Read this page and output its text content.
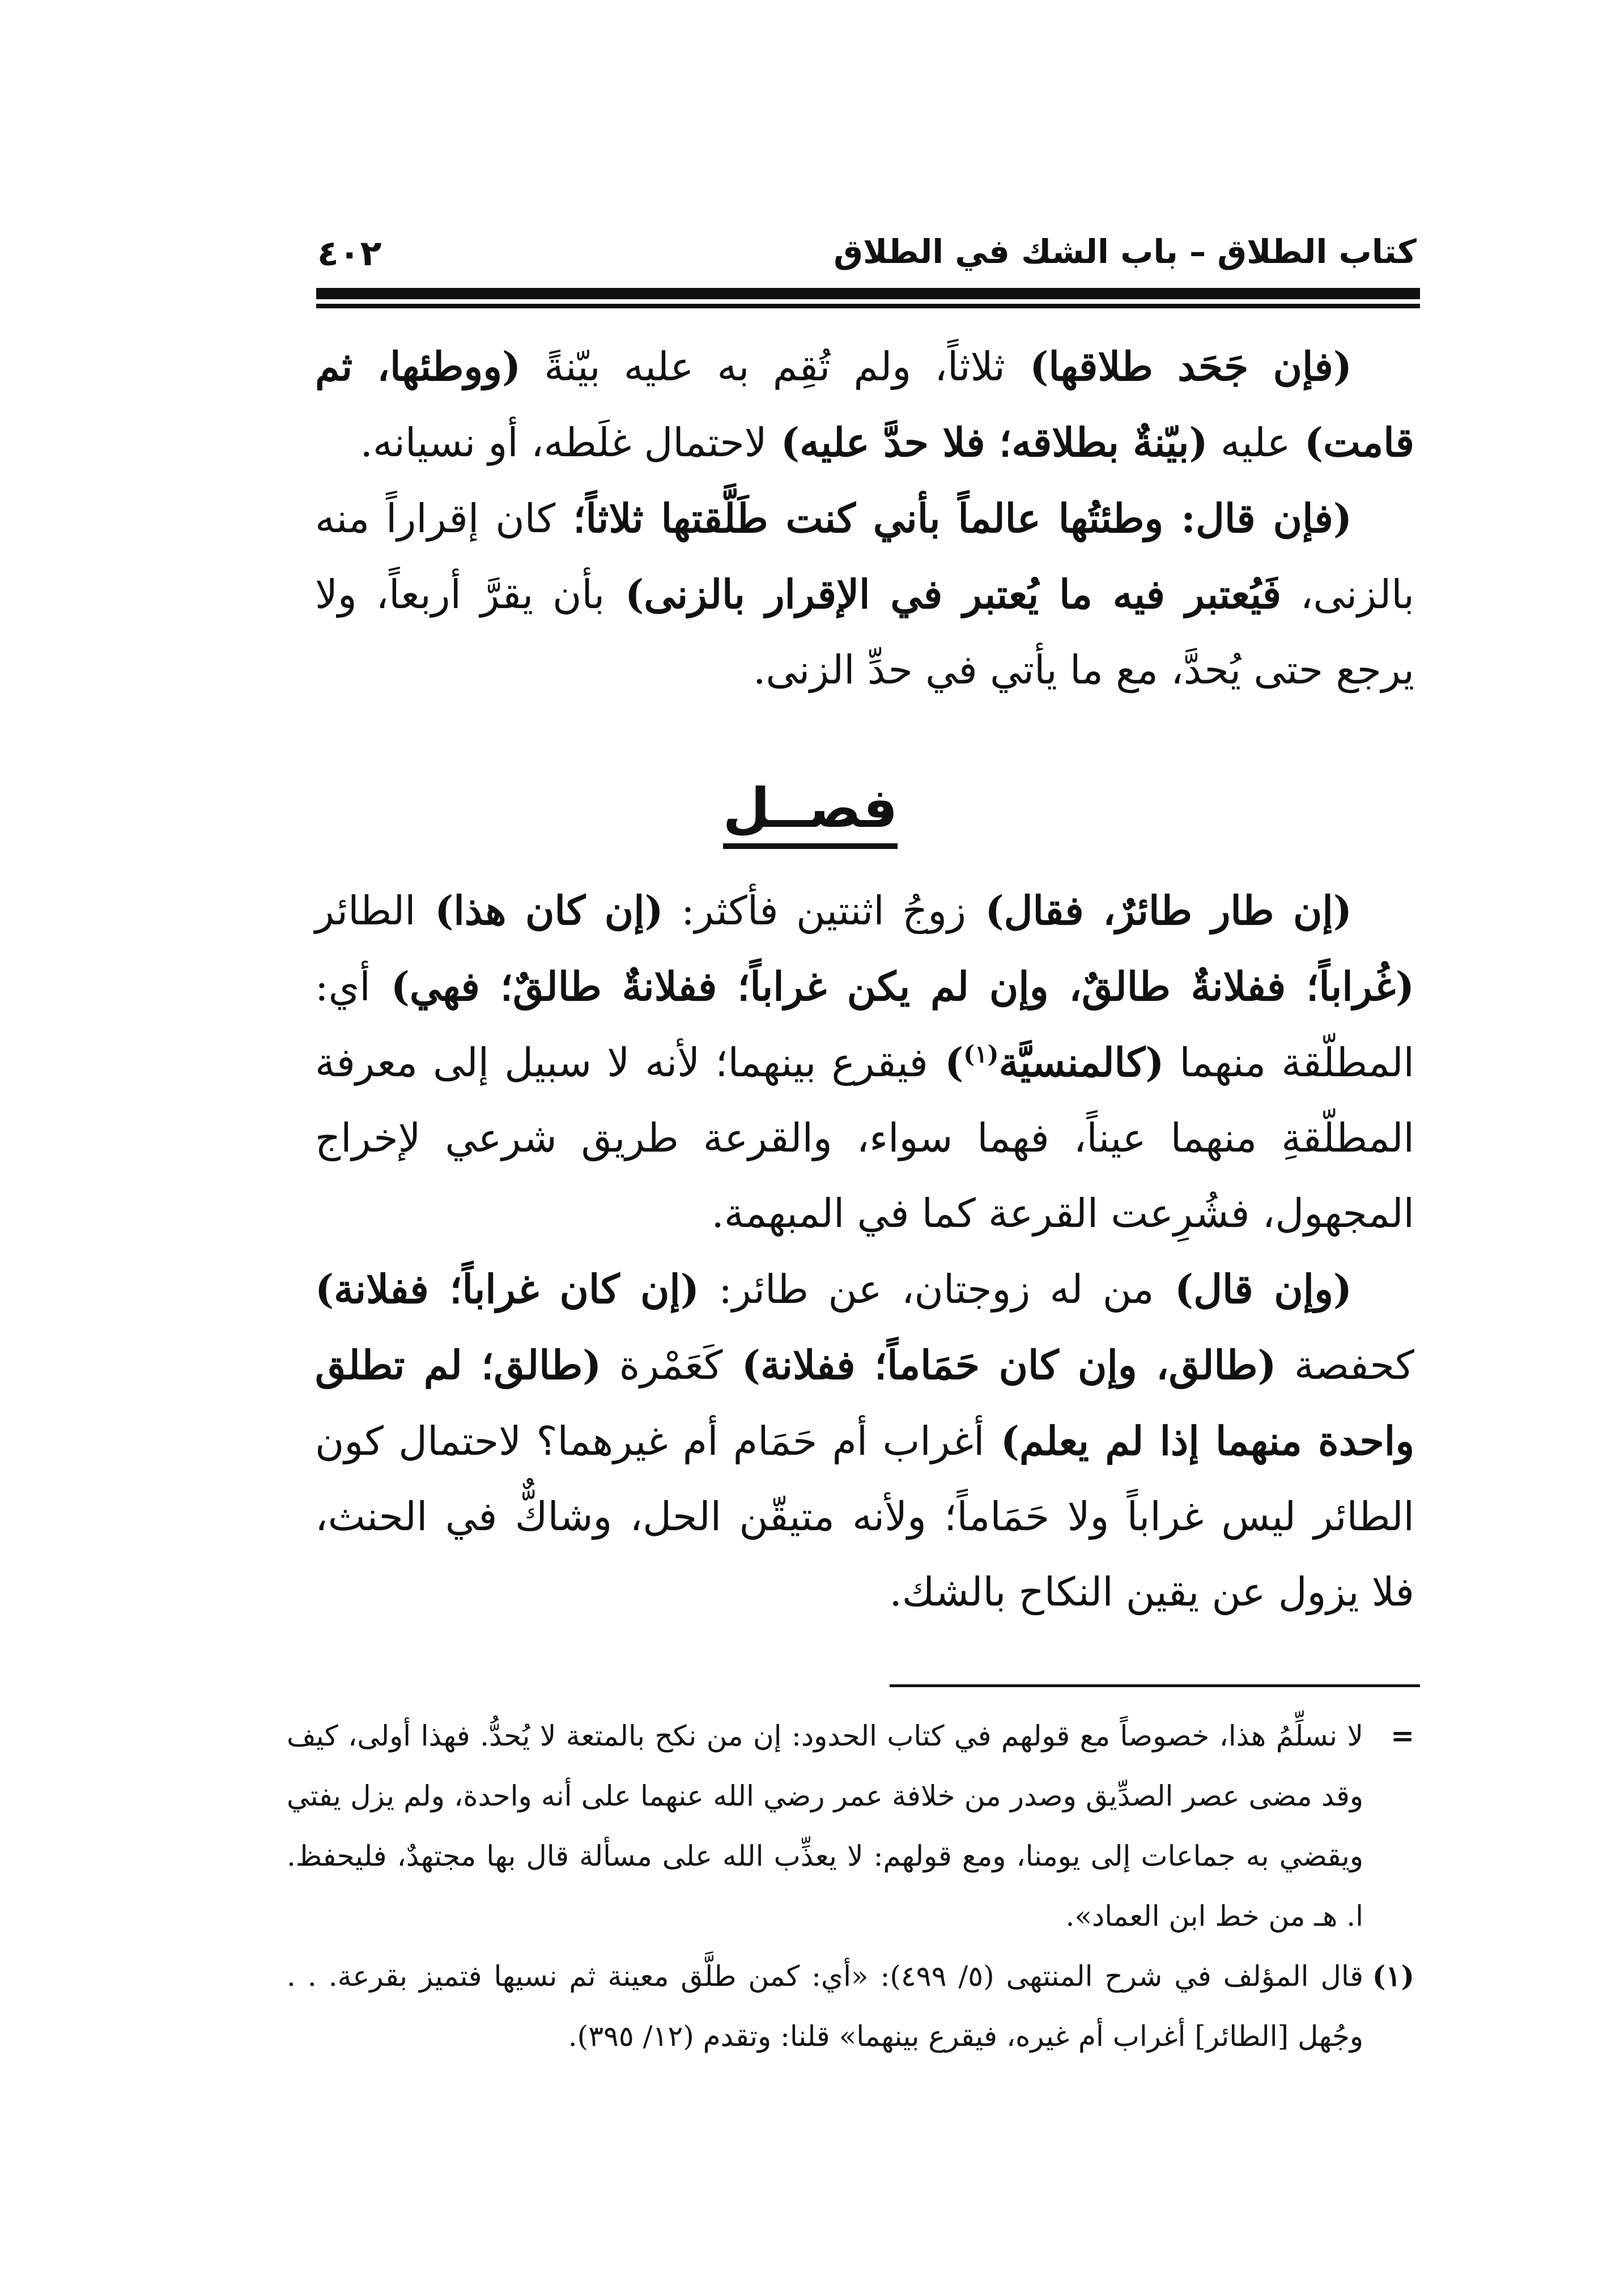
كتاب الطلاق – باب الشك في الطلاق
٤٠٢

(فإن جَحَد طلاقها) ثلاثاً، ولم تُقِم به عليه بيّنةً (ووطئها، ثم قامت) عليه (بيّنةٌ بطلاقه؛ فلا حدَّ عليه) لاحتمال غلَطه، أو نسيانه.

(فإن قال: وطئتُها عالماً بأني كنت طَلَّقتها ثلاثاً؛ كان إقراراً منه بالزنى، فَيُعتبر فيه ما يُعتبر في الإقرار بالزنى) بأن يقرَّ أربعاً، ولا يرجع حتى يُحدَّ، مع ما يأتي في حدِّ الزنى.

فصــل

(إن طار طائرٌ، فقال) زوجُ اثنتين فأكثر: (إن كان هذا) الطائر (غُراباً؛ ففلانةٌ طالقٌ، وإن لم يكن غراباً؛ ففلانةٌ طالقٌ؛ فهي) أي: المطلّقة منهما (كالمنسيَّة$^{(١)}$) فيقرع بينهما؛ لأنه لا سبيل إلى معرفة المطلّقةِ منهما عيناً، فهما سواء، والقرعة طريق شرعي لإخراج المجهول، فشُرِعت القرعة كما في المبهمة.

(وإن قال) من له زوجتان، عن طائر: (إن كان غراباً؛ ففلانة) كحفصة (طالق، وإن كان حَمَاماً؛ ففلانة) كَعَمْرة (طالق؛ لم تطلق واحدة منهما إذا لم يعلم) أغراب أم حَمَام أم غيرهما؟ لاحتمال كون الطائر ليس غراباً ولا حَمَاماً؛ ولأنه متيقّن الحل، وشاكٌّ في الحنث، فلا يزول عن يقين النكاح بالشك.

=
لا نسلِّمُ هذا، خصوصاً مع قولهم في كتاب الحدود: إن من نكح بالمتعة لا يُحدُّ. فهذا أولى، كيف وقد مضى عصر الصدِّيق وصدر من خلافة عمر رضي الله عنهما على أنه واحدة، ولم يزل يفتي ويقضي به جماعات إلى يومنا، ومع قولهم: لا يعذِّب الله على مسألة قال بها مجتهدٌ، فليحفظ. ا. هـ من خط ابن العماد».

(١)
قال المؤلف في شرح المنتهى (٥/ ٤٩٩): «أي: كمن طلَّق معينة ثم نسيها فتميز بقرعة. . . وجُهل [الطائر] أغراب أم غيره، فيقرع بينهما» قلنا: وتقدم (١٢/ ٣٩٥).
